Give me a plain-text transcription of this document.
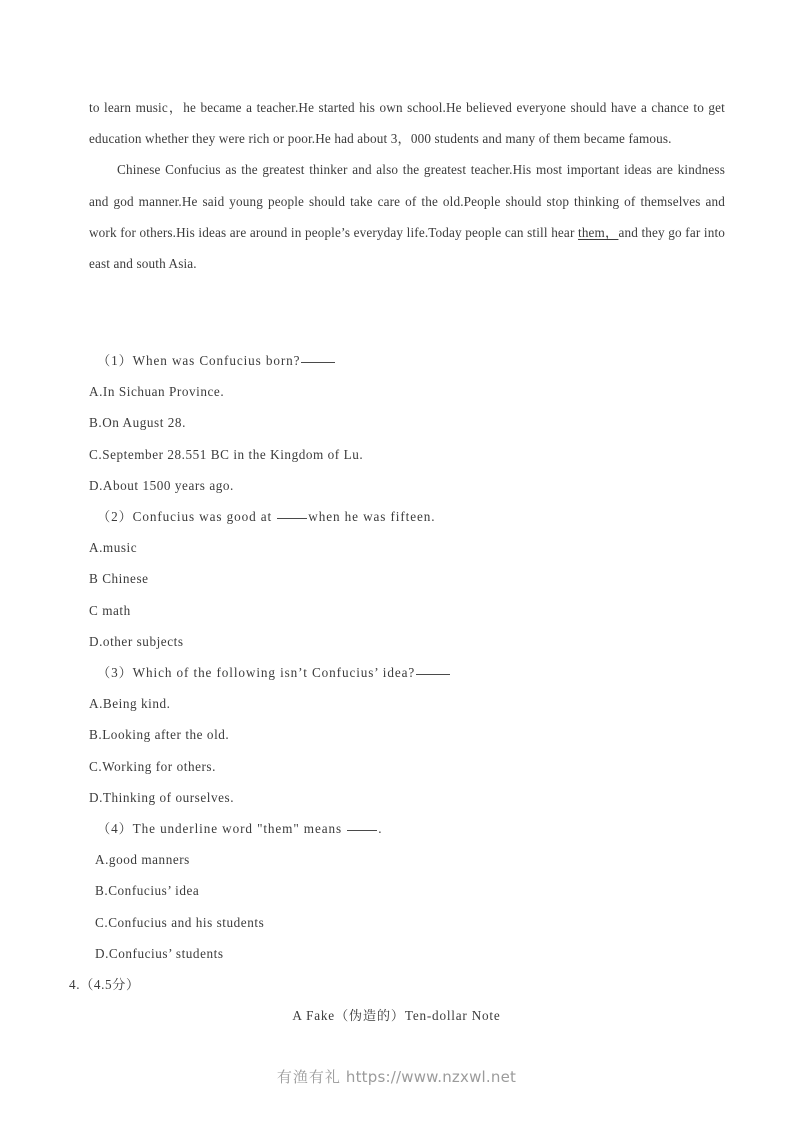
to learn music，he became a teacher.He started his own school.He believed everyone should have a chance to get education whether they were rich or poor.He had about 3，000 students and many of them became famous.

Chinese Confucius as the greatest thinker and also the greatest teacher.His most important ideas are kindness and god manner.He said young people should take care of the old.People should stop thinking of themselves and work for others.His ideas are around in people’s everyday life.Today people can still hear them，and they go far into east and south Asia.

（1）When was Confucius born?
A.In Sichuan Province.
B.On August 28.
C.September 28.551 BC in the Kingdom of Lu.
D.About 1500 years ago.
（2）Confucius was good at	when he was fifteen.
A.music
B Chinese
C math
D.other subjects
（3）Which of the following isn’t Confucius’ idea?
A.Being kind.
B.Looking after the old.
C.Working for others.
D.Thinking of ourselves.
（4）The underline word "them" means	.
A.good manners
B.Confucius’ idea
C.Confucius and his students
D.Confucius’ students
4.（4.5分）
A Fake（伪造的）Ten‐dollar Note
有渔有礼 https://www.nzxwl.net
